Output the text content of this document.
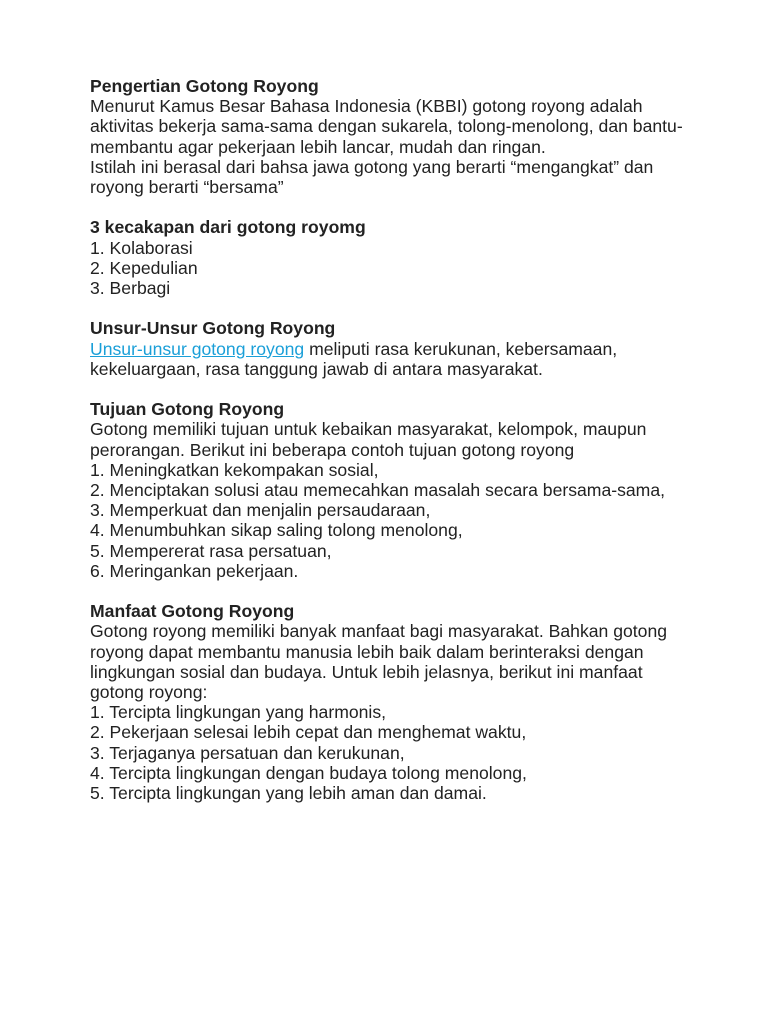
Pengertian Gotong Royong

Menurut Kamus Besar Bahasa Indonesia (KBBI) gotong royong adalah aktivitas bekerja sama-sama dengan sukarela, tolong-menolong, dan bantu-membantu agar pekerjaan lebih lancar, mudah dan ringan.

Istilah ini berasal dari bahsa jawa gotong yang berarti “mengangkat” dan royong berarti “bersama”

3 kecakapan dari gotong royomg

1. Kolaborasi
2. Kepedulian
3. Berbagi

Unsur-Unsur Gotong Royong

Unsur-unsur gotong royong meliputi rasa kerukunan, kebersamaan, kekeluargaan, rasa tanggung jawab di antara masyarakat.

Tujuan Gotong Royong

Gotong memiliki tujuan untuk kebaikan masyarakat, kelompok, maupun perorangan. Berikut ini beberapa contoh tujuan gotong royong

1. Meningkatkan kekompakan sosial,
2. Menciptakan solusi atau memecahkan masalah secara bersama-sama,
3. Memperkuat dan menjalin persaudaraan,
4. Menumbuhkan sikap saling tolong menolong,
5. Mempererat rasa persatuan,
6. Meringankan pekerjaan.

Manfaat Gotong Royong

Gotong royong memiliki banyak manfaat bagi masyarakat. Bahkan gotong royong dapat membantu manusia lebih baik dalam berinteraksi dengan lingkungan sosial dan budaya. Untuk lebih jelasnya, berikut ini manfaat gotong royong:

1. Tercipta lingkungan yang harmonis,
2. Pekerjaan selesai lebih cepat dan menghemat waktu,
3. Terjaganya persatuan dan kerukunan,
4. Tercipta lingkungan dengan budaya tolong menolong,
5. Tercipta lingkungan yang lebih aman dan damai.
